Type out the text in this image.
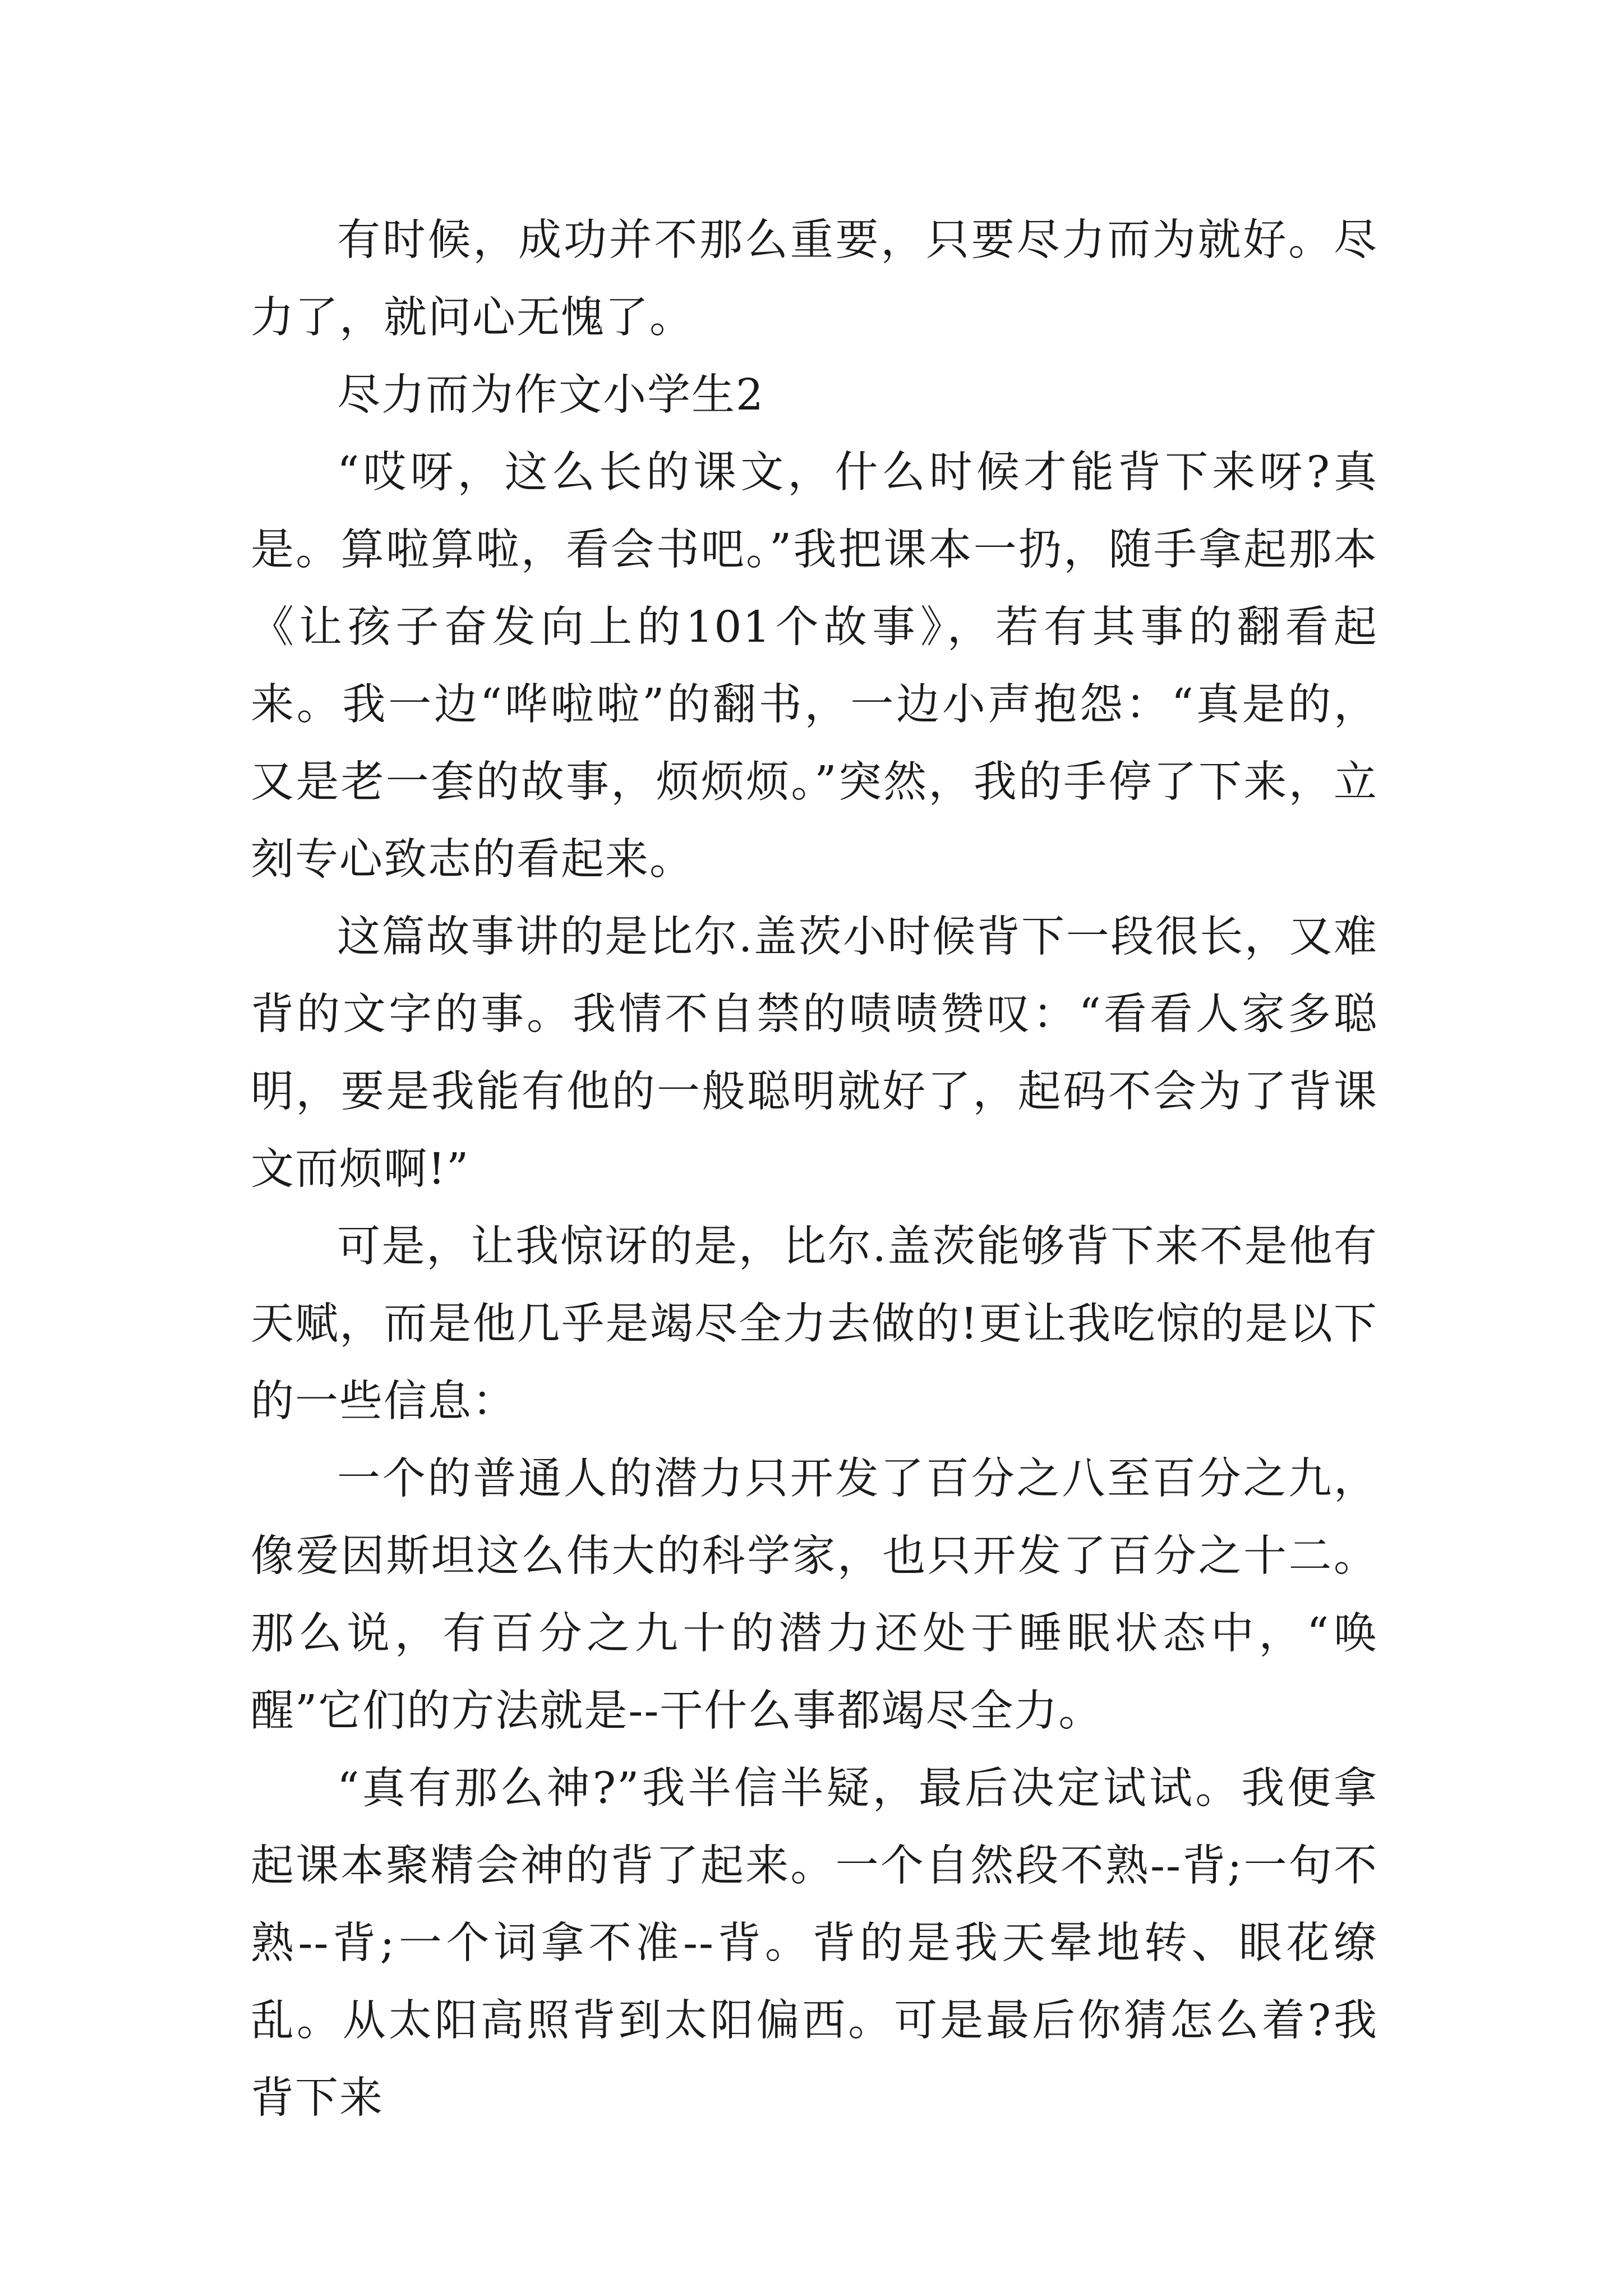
有时候，成功并不那么重要，只要尽力而为就好。尽力了，就问心无愧了。

尽力而为作文小学生2

“哎呀，这么长的课文，什么时候才能背下来呀?真是。算啦算啦，看会书吧。”我把课本一扔，随手拿起那本《让孩子奋发向上的101个故事》，若有其事的翻看起来。我一边“哗啦啦”的翻书，一边小声抱怨：“真是的，又是老一套的故事，烦烦烦。”突然，我的手停了下来，立刻专心致志的看起来。

这篇故事讲的是比尔.盖茨小时候背下一段很长，又难背的文字的事。我情不自禁的啧啧赞叹：“看看人家多聪明，要是我能有他的一般聪明就好了，起码不会为了背课文而烦啊!”

可是，让我惊讶的是，比尔.盖茨能够背下来不是他有天赋，而是他几乎是竭尽全力去做的!更让我吃惊的是以下的一些信息：

一个的普通人的潜力只开发了百分之八至百分之九，像爱因斯坦这么伟大的科学家，也只开发了百分之十二。那么说，有百分之九十的潜力还处于睡眠状态中，“唤醒”它们的方法就是--干什么事都竭尽全力。

“真有那么神?”我半信半疑，最后决定试试。我便拿起课本聚精会神的背了起来。一个自然段不熟--背;一句不熟--背;一个词拿不准--背。背的是我天晕地转、眼花缭乱。从太阳高照背到太阳偏西。可是最后你猜怎么着?我背下来
